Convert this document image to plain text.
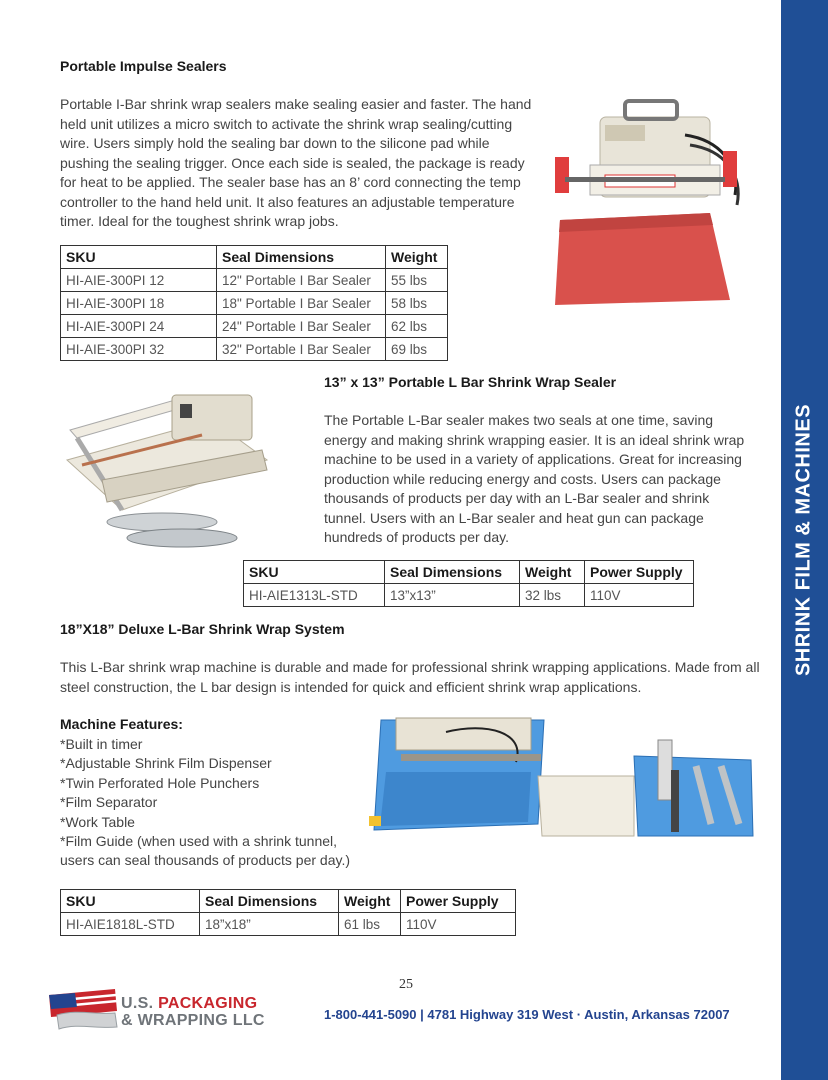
Portable Impulse Sealers
Portable I-Bar shrink wrap sealers make sealing easier and faster. The hand held unit utilizes a micro switch to activate the shrink wrap sealing/cutting wire. Users simply hold the sealing bar down to the silicone pad while pushing the sealing trigger. Once each side is sealed, the package is ready for heat to be applied. The sealer base has an 8’ cord connecting the temp controller to the hand held unit. It also features an adjustable temperature timer. Ideal for the toughest shrink wrap jobs.
SKU	Seal Dimensions	Weight
HI-AIE-300PI 12	12" Portable I Bar Sealer	55 lbs
HI-AIE-300PI 18	18" Portable I Bar Sealer	58 lbs
HI-AIE-300PI 24	24" Portable I Bar Sealer	62 lbs
HI-AIE-300PI 32	32" Portable I Bar Sealer	69 lbs
13” x 13” Portable L Bar Shrink Wrap Sealer
The Portable L-Bar sealer makes two seals at one time, saving energy and making shrink wrapping easier. It is an ideal shrink wrap machine to be used in a variety of applications. Great for increasing production while reducing energy and costs. Users can package thousands of products per day with an L-Bar sealer and shrink tunnel. Users with an L-Bar sealer and heat gun can package hundreds of products per day.
SKU	Seal Dimensions	Weight	Power Supply
HI-AIE1313L-STD	13”x13”	32 lbs	110V
18”X18” Deluxe L-Bar Shrink Wrap System
This L-Bar shrink wrap machine is durable and made for professional shrink wrapping applications. Made from all steel construction, the L bar design is intended for quick and efficient shrink wrap applications.
Machine Features:
*Built in timer
*Adjustable Shrink Film Dispenser
*Twin Perforated Hole Punchers
*Film Separator
*Work Table
*Film Guide (when used with a shrink tunnel,
users can seal thousands of products per day.)
SKU	Seal Dimensions	Weight	Power Supply
HI-AIE1818L-STD	18”x18”	61 lbs	110V
SHRINK FILM & MACHINES
25
U.S. PACKAGING
& WRAPPING LLC	1-800-441-5090 | 4781 Highway 319 West · Austin, Arkansas 72007
